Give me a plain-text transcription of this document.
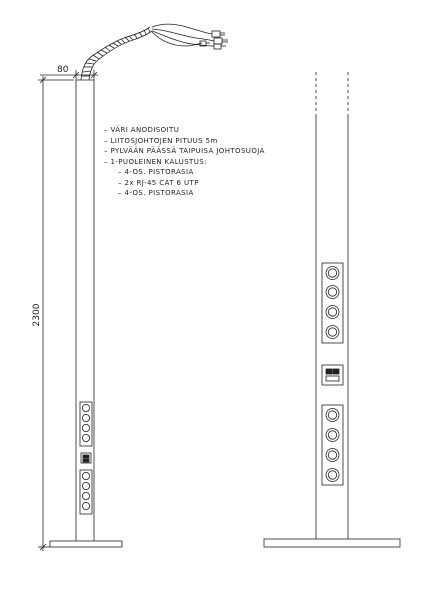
80
2300
– VÄRI ANODISOITU
– LIITOSJOHTOJEN PITUUS 5m
– PYLVÄÄN PÄÄSSÄ TAIPUISA JOHTOSUOJA
– 1-PUOLEINEN KALUSTUS:
– 4-OS. PISTORASIA
– 2x RJ-45 CAT 6 UTP
– 4-OS. PISTORASIA
